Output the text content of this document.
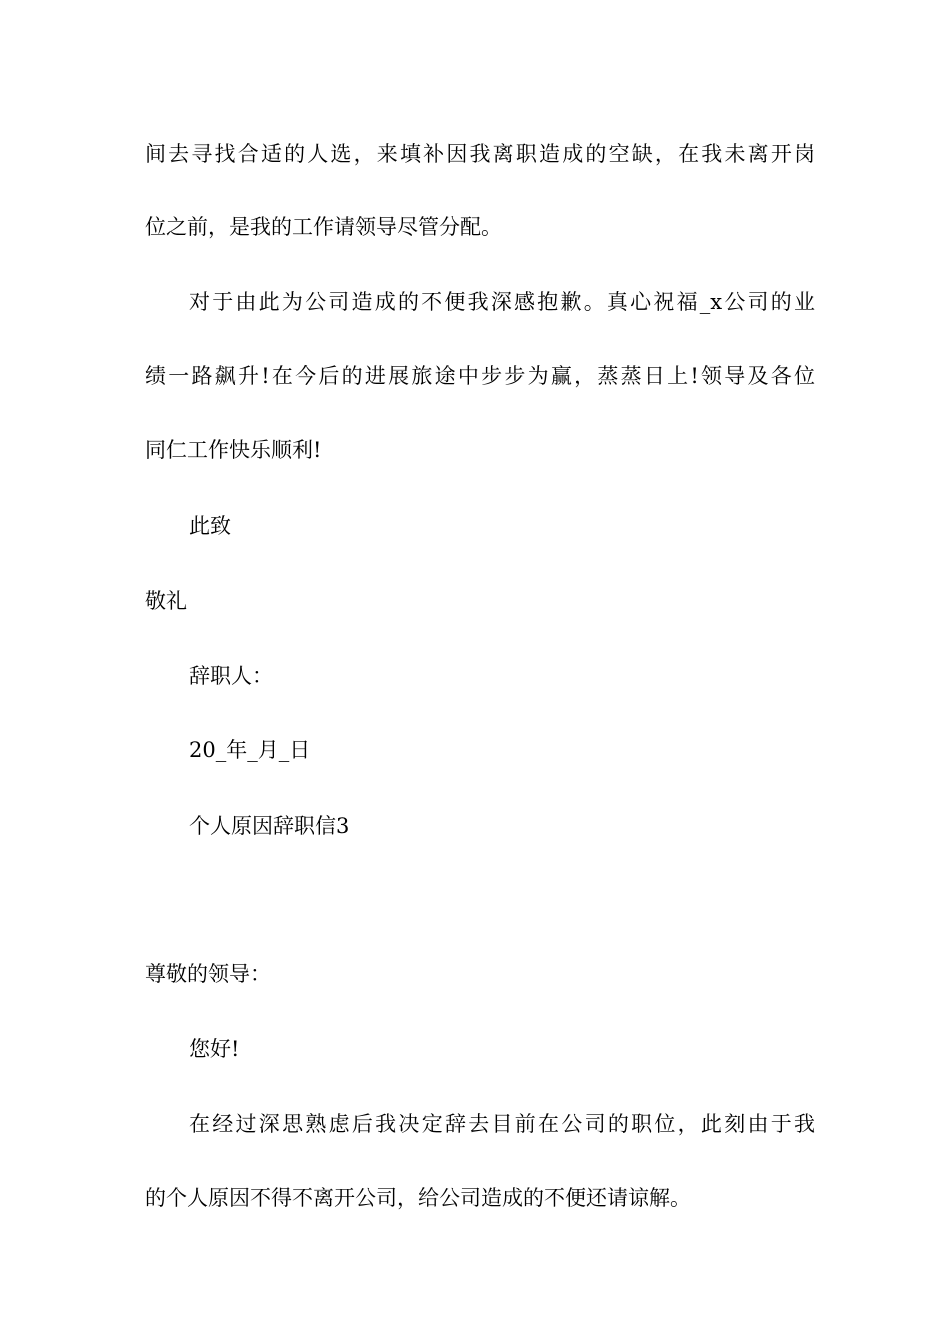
间去寻找合适的人选，来填补因我离职造成的空缺，在我未离开岗
位之前，是我的工作请领导尽管分配。
对于由此为公司造成的不便我深感抱歉。真心祝福_x公司的业
绩一路飙升!在今后的进展旅途中步步为赢，蒸蒸日上!领导及各位
同仁工作快乐顺利!
此致
敬礼
辞职人：
20_年_月_日
个人原因辞职信3
尊敬的领导：
您好!
在经过深思熟虑后我决定辞去目前在公司的职位，此刻由于我
的个人原因不得不离开公司，给公司造成的不便还请谅解。
